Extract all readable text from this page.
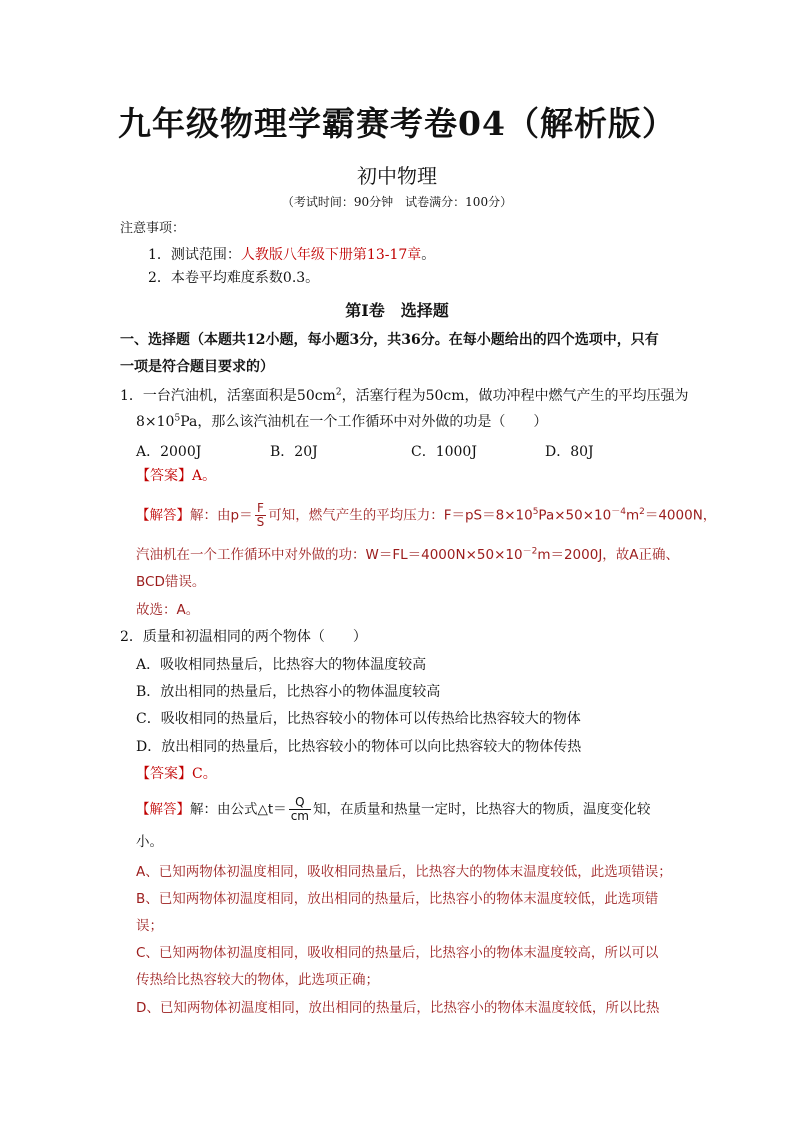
九年级物理学霸赛考卷04（解析版）
初中物理
（考试时间：90分钟　试卷满分：100分）
注意事项：
1．测试范围：人教版八年级下册第13-17章。
2．本卷平均难度系数0.3。
第Ⅰ卷　选择题
一、选择题（本题共12小题，每小题3分，共36分。在每小题给出的四个选项中，只有
一项是符合题目要求的）
1．一台汽油机，活塞面积是$50cm^2$，活塞行程为50cm，做功冲程中燃气产生的平均压强为
$8\times 10^5Pa$，那么该汽油机在一个工作循环中对外做的功是（　　）
A．2000J	B．20J	C．1000J	D．80J
【答案】A。
【解答】解：由$p= \frac{F}{S}$ 可知，燃气产生的平均压力：$F=pS=8\times 10^5Pa\times 50\times 10^{-4}m^2=4000N$，
汽油机在一个工作循环中对外做的功：$W=FL=4000N\times 50\times 10^{-2}m=2000J$，故A正确、
BCD错误。
故选：A。
2．质量和初温相同的两个物体（　　）
A．吸收相同热量后，比热容大的物体温度较高
B．放出相同的热量后，比热容小的物体温度较高
C．吸收相同的热量后，比热容较小的物体可以传热给比热容较大的物体
D．放出相同的热量后，比热容较小的物体可以向比热容较大的物体传热
【答案】C。
【解答】解：由公式△t＝ $\frac{Q}{cm}$ 知，在质量和热量一定时，比热容大的物质，温度变化较
小。
A、已知两物体初温度相同，吸收相同热量后，比热容大的物体末温度较低，此选项错误；
B、已知两物体初温度相同，放出相同的热量后，比热容小的物体末温度较低，此选项错
误；
C、已知两物体初温度相同，吸收相同的热量后，比热容小的物体末温度较高，所以可以
传热给比热容较大的物体，此选项正确；
D、已知两物体初温度相同，放出相同的热量后，比热容小的物体末温度较低，所以比热
